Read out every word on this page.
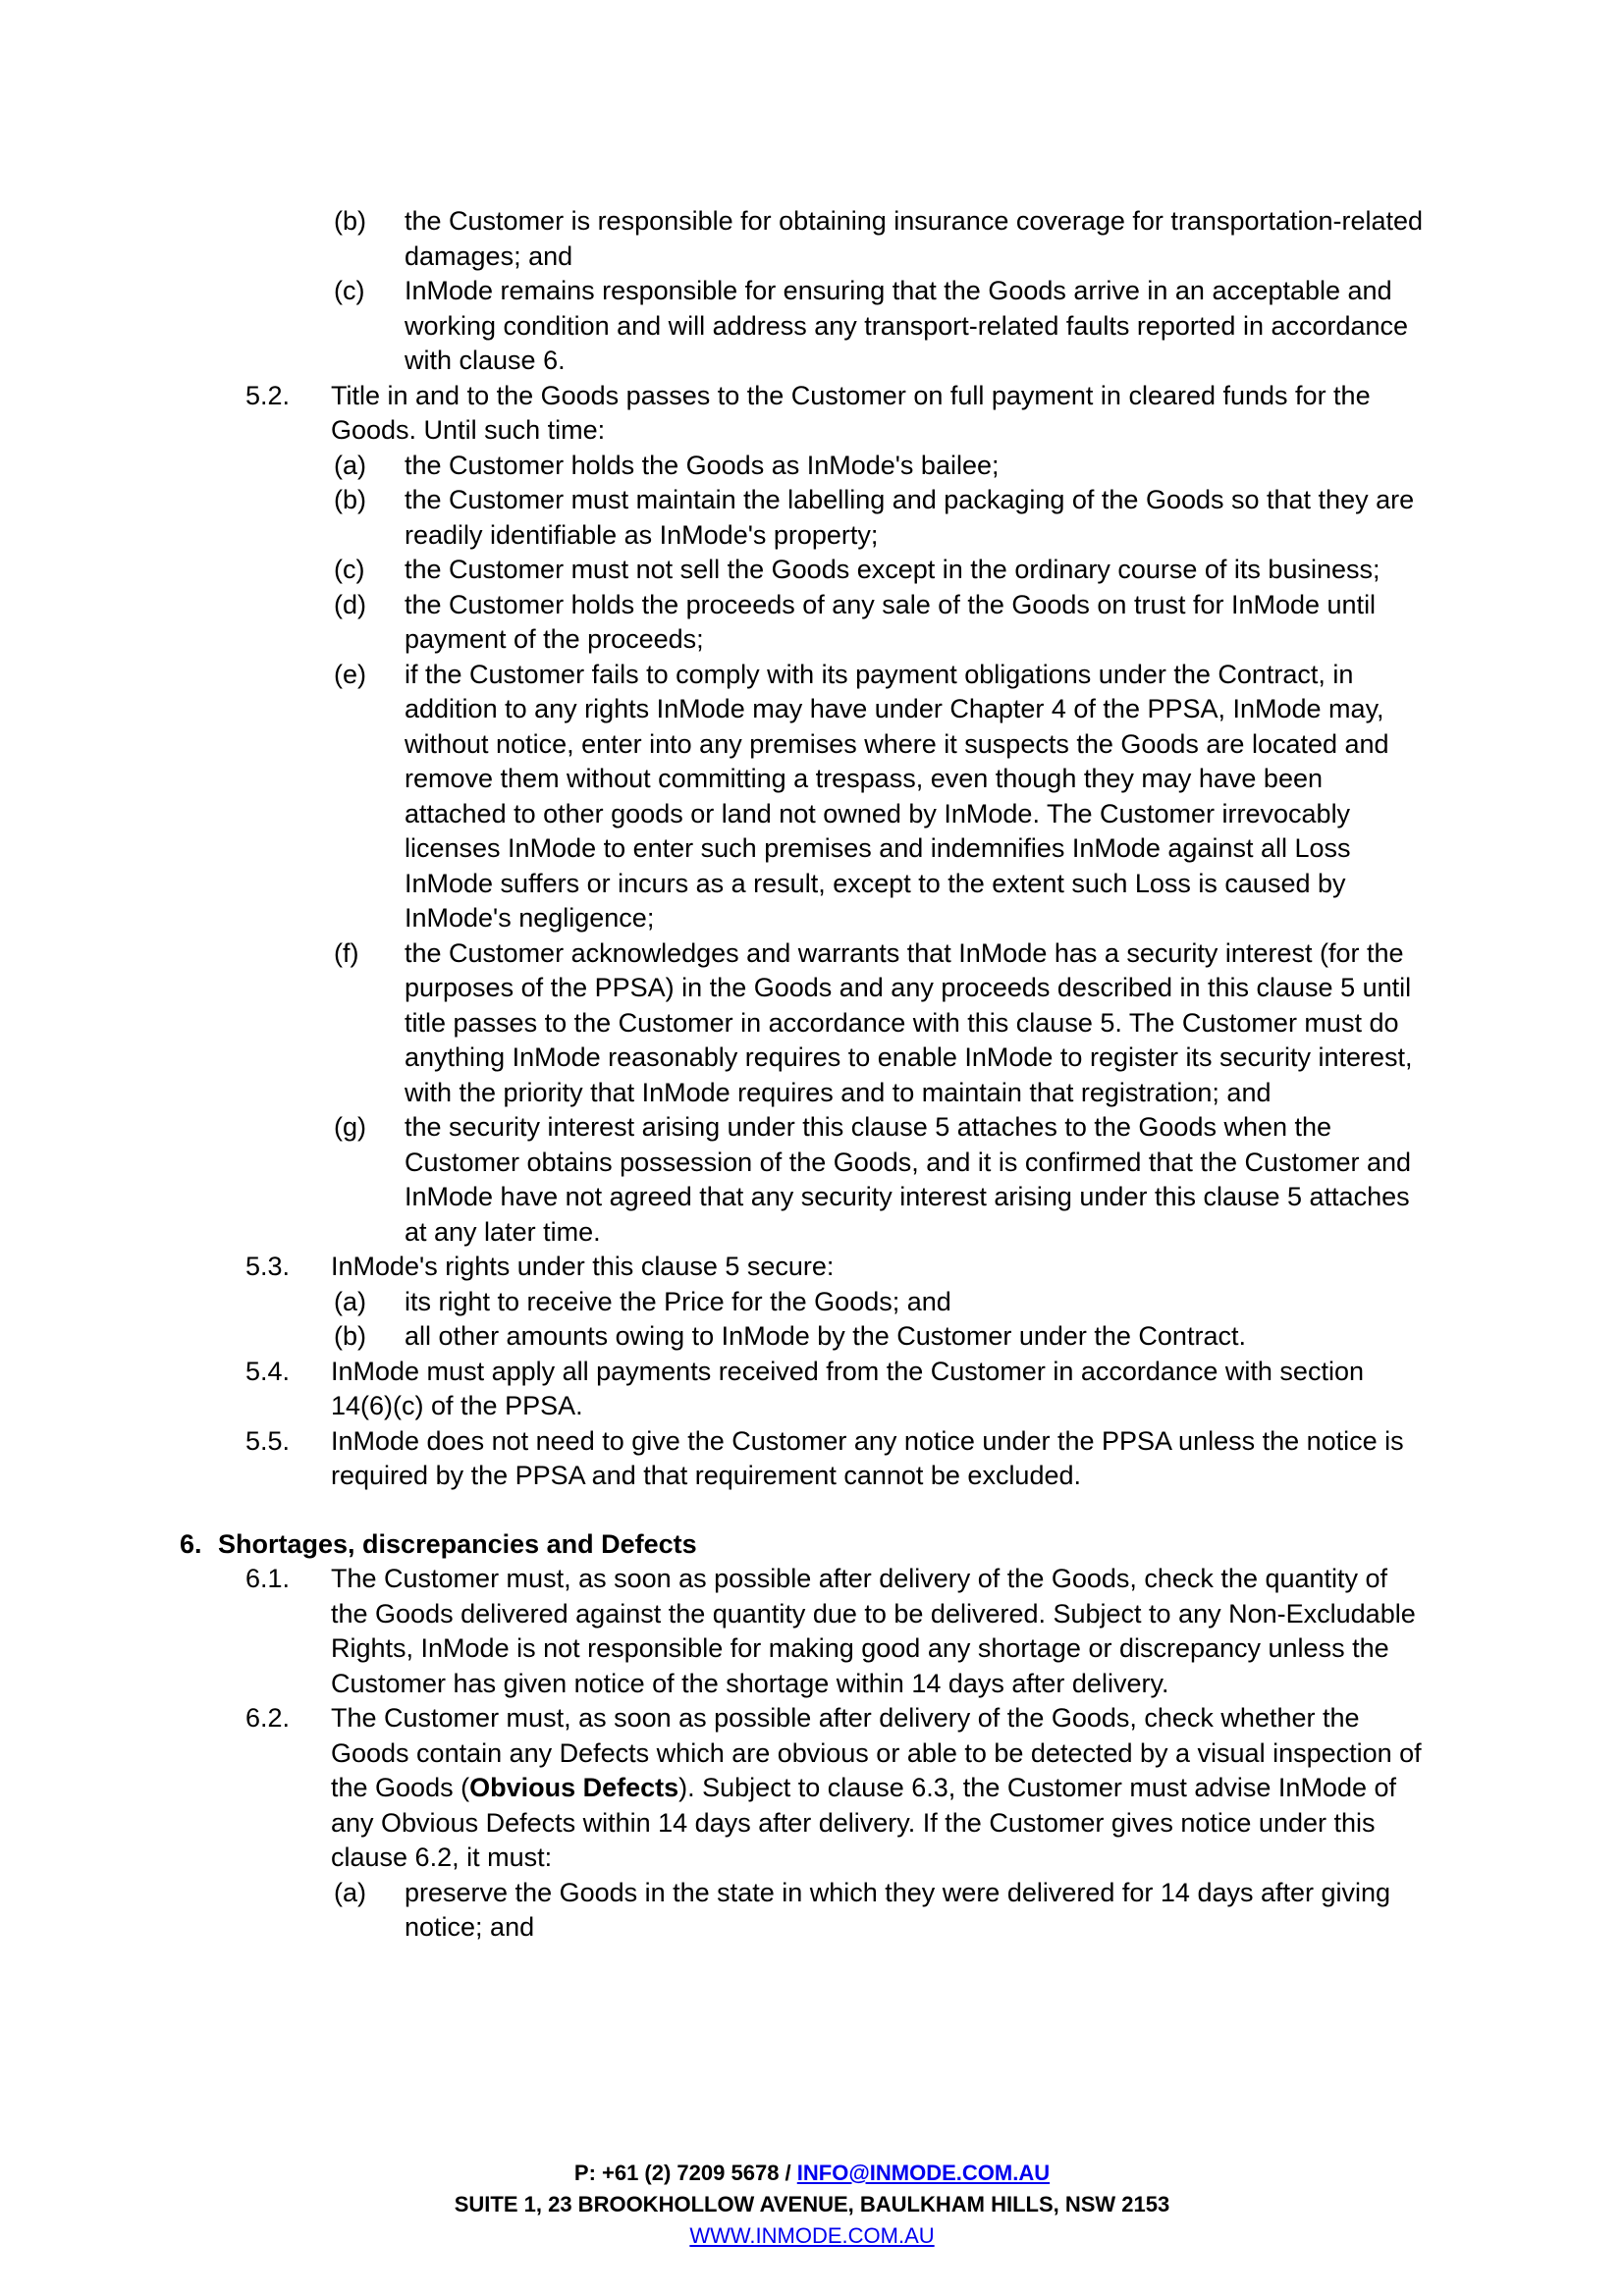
(b)	the Customer is responsible for obtaining insurance coverage for transportation-related damages; and
(c)	InMode remains responsible for ensuring that the Goods arrive in an acceptable and working condition and will address any transport-related faults reported in accordance with clause 6.
5.2.	Title in and to the Goods passes to the Customer on full payment in cleared funds for the Goods. Until such time:
(a)	the Customer holds the Goods as InMode's bailee;
(b)	the Customer must maintain the labelling and packaging of the Goods so that they are readily identifiable as InMode's property;
(c)	the Customer must not sell the Goods except in the ordinary course of its business;
(d)	the Customer holds the proceeds of any sale of the Goods on trust for InMode until payment of the proceeds;
(e)	if the Customer fails to comply with its payment obligations under the Contract, in addition to any rights InMode may have under Chapter 4 of the PPSA, InMode may, without notice, enter into any premises where it suspects the Goods are located and remove them without committing a trespass, even though they may have been attached to other goods or land not owned by InMode. The Customer irrevocably licenses InMode to enter such premises and indemnifies InMode against all Loss InMode suffers or incurs as a result, except to the extent such Loss is caused by InMode's negligence;
(f)	the Customer acknowledges and warrants that InMode has a security interest (for the purposes of the PPSA) in the Goods and any proceeds described in this clause 5 until title passes to the Customer in accordance with this clause 5. The Customer must do anything InMode reasonably requires to enable InMode to register its security interest, with the priority that InMode requires and to maintain that registration; and
(g)	the security interest arising under this clause 5 attaches to the Goods when the Customer obtains possession of the Goods, and it is confirmed that the Customer and InMode have not agreed that any security interest arising under this clause 5 attaches at any later time.
5.3.	InMode's rights under this clause 5 secure:
(a)	its right to receive the Price for the Goods; and
(b)	all other amounts owing to InMode by the Customer under the Contract.
5.4.	InMode must apply all payments received from the Customer in accordance with section 14(6)(c) of the PPSA.
5.5.	InMode does not need to give the Customer any notice under the PPSA unless the notice is required by the PPSA and that requirement cannot be excluded.
6. Shortages, discrepancies and Defects
6.1.	The Customer must, as soon as possible after delivery of the Goods, check the quantity of the Goods delivered against the quantity due to be delivered. Subject to any Non-Excludable Rights, InMode is not responsible for making good any shortage or discrepancy unless the Customer has given notice of the shortage within 14 days after delivery.
6.2.	The Customer must, as soon as possible after delivery of the Goods, check whether the Goods contain any Defects which are obvious or able to be detected by a visual inspection of the Goods (Obvious Defects). Subject to clause 6.3, the Customer must advise InMode of any Obvious Defects within 14 days after delivery. If the Customer gives notice under this clause 6.2, it must:
(a)	preserve the Goods in the state in which they were delivered for 14 days after giving notice; and
P: +61 (2) 7209 5678 / INFO@INMODE.COM.AU
SUITE 1, 23 BROOKHOLLOW AVENUE, BAULKHAM HILLS, NSW 2153
WWW.INMODE.COM.AU
